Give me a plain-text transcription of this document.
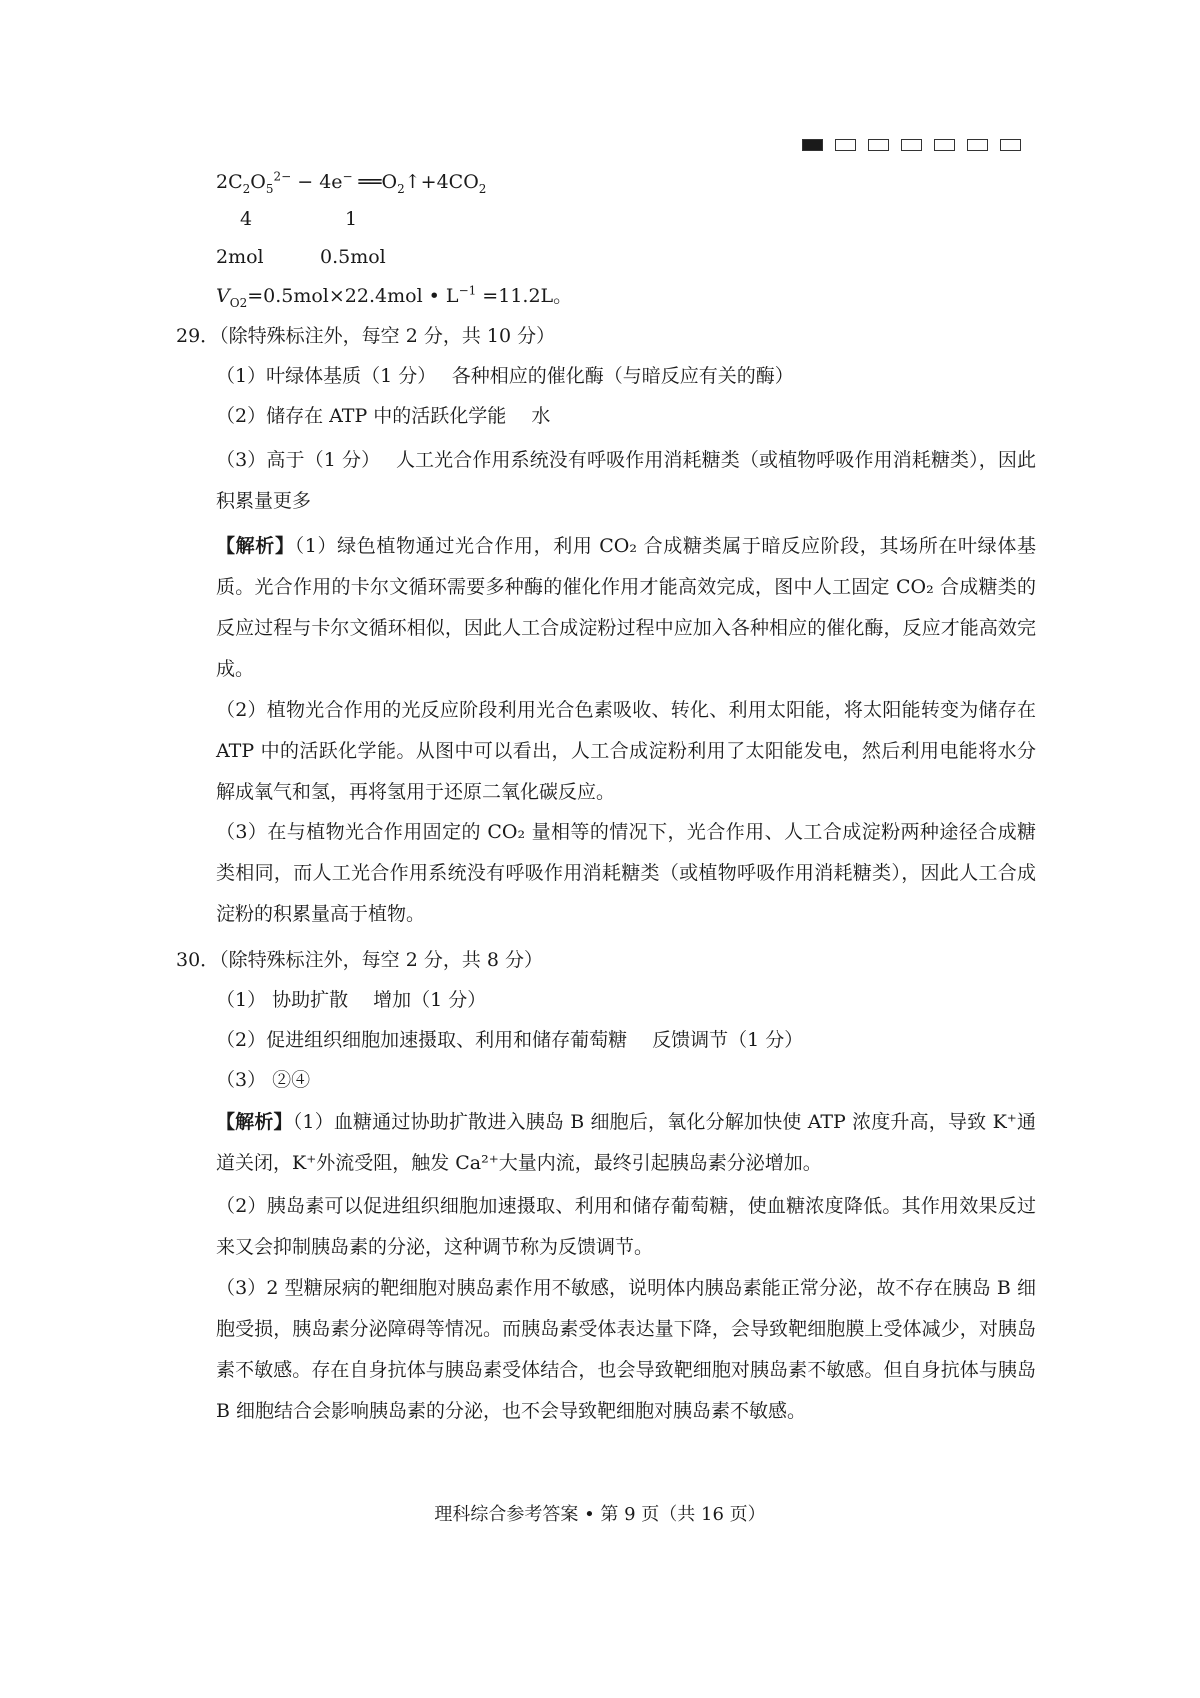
$2C_2O_5^{2-} - 4e^-$ $══O_2↑+4CO_2$
4	1
2mol	0.5mol
$V_{O2}=0.5mol\times 22.4mol$ • $L^{-1} =11.2L$。
29．（除特殊标注外，每空 2 分，共 10 分）
（1）叶绿体基质（1 分）　 各种相应的催化酶（与暗反应有关的酶）
（2）储存在 ATP 中的活跃化学能　 水
（3）高于（1 分）　 人工光合作用系统没有呼吸作用消耗糖类（或植物呼吸作用消耗糖类），因此积累量更多
【解析】（1）绿色植物通过光合作用，利用 CO₂ 合成糖类属于暗反应阶段，其场所在叶绿体基质。光合作用的卡尔文循环需要多种酶的催化作用才能高效完成，图中人工固定 CO₂ 合成糖类的反应过程与卡尔文循环相似，因此人工合成淀粉过程中应加入各种相应的催化酶，反应才能高效完成。
（2）植物光合作用的光反应阶段利用光合色素吸收、转化、利用太阳能，将太阳能转变为储存在 ATP 中的活跃化学能。从图中可以看出，人工合成淀粉利用了太阳能发电，然后利用电能将水分解成氧气和氢，再将氢用于还原二氧化碳反应。
（3）在与植物光合作用固定的 CO₂ 量相等的情况下，光合作用、人工合成淀粉两种途径合成糖类相同，而人工光合作用系统没有呼吸作用消耗糖类（或植物呼吸作用消耗糖类），因此人工合成淀粉的积累量高于植物。
30．（除特殊标注外，每空 2 分，共 8 分）
（1） 协助扩散　 增加（1 分）
（2）促进组织细胞加速摄取、利用和储存葡萄糖　 反馈调节（1 分）
（3） ②④
【解析】（1）血糖通过协助扩散进入胰岛 B 细胞后，氧化分解加快使 ATP 浓度升高，导致 K⁺通道关闭，K⁺外流受阻，触发 Ca²⁺大量内流，最终引起胰岛素分泌增加。
（2）胰岛素可以促进组织细胞加速摄取、利用和储存葡萄糖，使血糖浓度降低。其作用效果反过来又会抑制胰岛素的分泌，这种调节称为反馈调节。
（3）2 型糖尿病的靶细胞对胰岛素作用不敏感，说明体内胰岛素能正常分泌，故不存在胰岛 B 细胞受损，胰岛素分泌障碍等情况。而胰岛素受体表达量下降，会导致靶细胞膜上受体减少，对胰岛素不敏感。存在自身抗体与胰岛素受体结合，也会导致靶细胞对胰岛素不敏感。但自身抗体与胰岛 B 细胞结合会影响胰岛素的分泌，也不会导致靶细胞对胰岛素不敏感。
理科综合参考答案 • 第 9 页（共 16 页）
